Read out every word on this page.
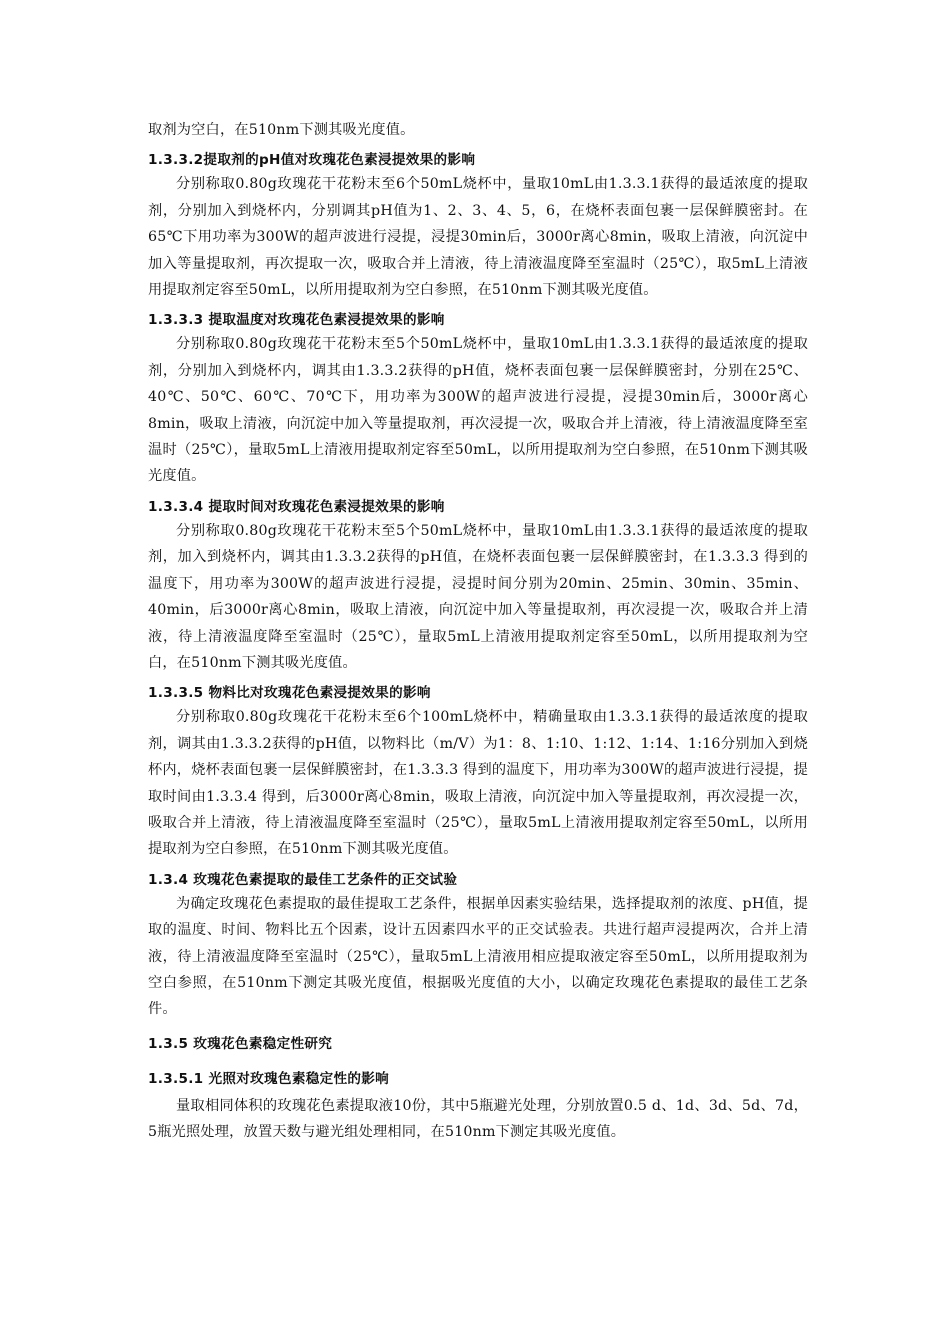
取剂为空白，在510nm下测其吸光度值。

1.3.3.2提取剂的pH值对玫瑰花色素浸提效果的影响

分别称取0.80g玫瑰花干花粉末至6个50mL烧杯中，量取10mL由1.3.3.1获得的最适浓度的提取剂，分别加入到烧杯内，分别调其pH值为1、2、3、4、5，6，在烧杯表面包裹一层保鲜膜密封。在65℃下用功率为300W的超声波进行浸提，浸提30min后，3000r离心8min，吸取上清液，向沉淀中加入等量提取剂，再次提取一次，吸取合并上清液，待上清液温度降至室温时（25℃），取5mL上清液用提取剂定容至50mL，以所用提取剂为空白参照，在510nm下测其吸光度值。

1.3.3.3 提取温度对玫瑰花色素浸提效果的影响

分别称取0.80g玫瑰花干花粉末至5个50mL烧杯中，量取10mL由1.3.3.1获得的最适浓度的提取剂，分别加入到烧杯内，调其由1.3.3.2获得的pH值，烧杯表面包裹一层保鲜膜密封，分别在25℃、40℃、50℃、60℃、70℃下，用功率为300W的超声波进行浸提，浸提30min后，3000r离心8min，吸取上清液，向沉淀中加入等量提取剂，再次浸提一次，吸取合并上清液，待上清液温度降至室温时（25℃），量取5mL上清液用提取剂定容至50mL，以所用提取剂为空白参照，在510nm下测其吸光度值。

1.3.3.4 提取时间对玫瑰花色素浸提效果的影响

分别称取0.80g玫瑰花干花粉末至5个50mL烧杯中，量取10mL由1.3.3.1获得的最适浓度的提取剂，加入到烧杯内，调其由1.3.3.2获得的pH值，在烧杯表面包裹一层保鲜膜密封，在1.3.3.3 得到的温度下，用功率为300W的超声波进行浸提，浸提时间分别为20min、25min、30min、35min、40min，后3000r离心8min，吸取上清液，向沉淀中加入等量提取剂，再次浸提一次，吸取合并上清液，待上清液温度降至室温时（25℃），量取5mL上清液用提取剂定容至50mL，以所用提取剂为空白，在510nm下测其吸光度值。

1.3.3.5 物料比对玫瑰花色素浸提效果的影响

分别称取0.80g玫瑰花干花粉末至6个100mL烧杯中，精确量取由1.3.3.1获得的最适浓度的提取剂，调其由1.3.3.2获得的pH值，以物料比（m/V）为1：8、1:10、1:12、1:14、1:16分别加入到烧杯内，烧杯表面包裹一层保鲜膜密封，在1.3.3.3 得到的温度下，用功率为300W的超声波进行浸提，提取时间由1.3.3.4 得到，后3000r离心8min，吸取上清液，向沉淀中加入等量提取剂，再次浸提一次，吸取合并上清液，待上清液温度降至室温时（25℃），量取5mL上清液用提取剂定容至50mL，以所用提取剂为空白参照，在510nm下测其吸光度值。

1.3.4 玫瑰花色素提取的最佳工艺条件的正交试验

为确定玫瑰花色素提取的最佳提取工艺条件，根据单因素实验结果，选择提取剂的浓度、pH值，提取的温度、时间、物料比五个因素，设计五因素四水平的正交试验表。共进行超声浸提两次，合并上清液，待上清液温度降至室温时（25℃），量取5mL上清液用相应提取液定容至50mL，以所用提取剂为空白参照，在510nm下测定其吸光度值，根据吸光度值的大小，以确定玫瑰花色素提取的最佳工艺条件。

1.3.5 玫瑰花色素稳定性研究
1.3.5.1 光照对玫瑰色素稳定性的影响

量取相同体积的玫瑰花色素提取液10份，其中5瓶避光处理，分别放置0.5 d、1d、3d、5d、7d，5瓶光照处理，放置天数与避光组处理相同，在510nm下测定其吸光度值。
